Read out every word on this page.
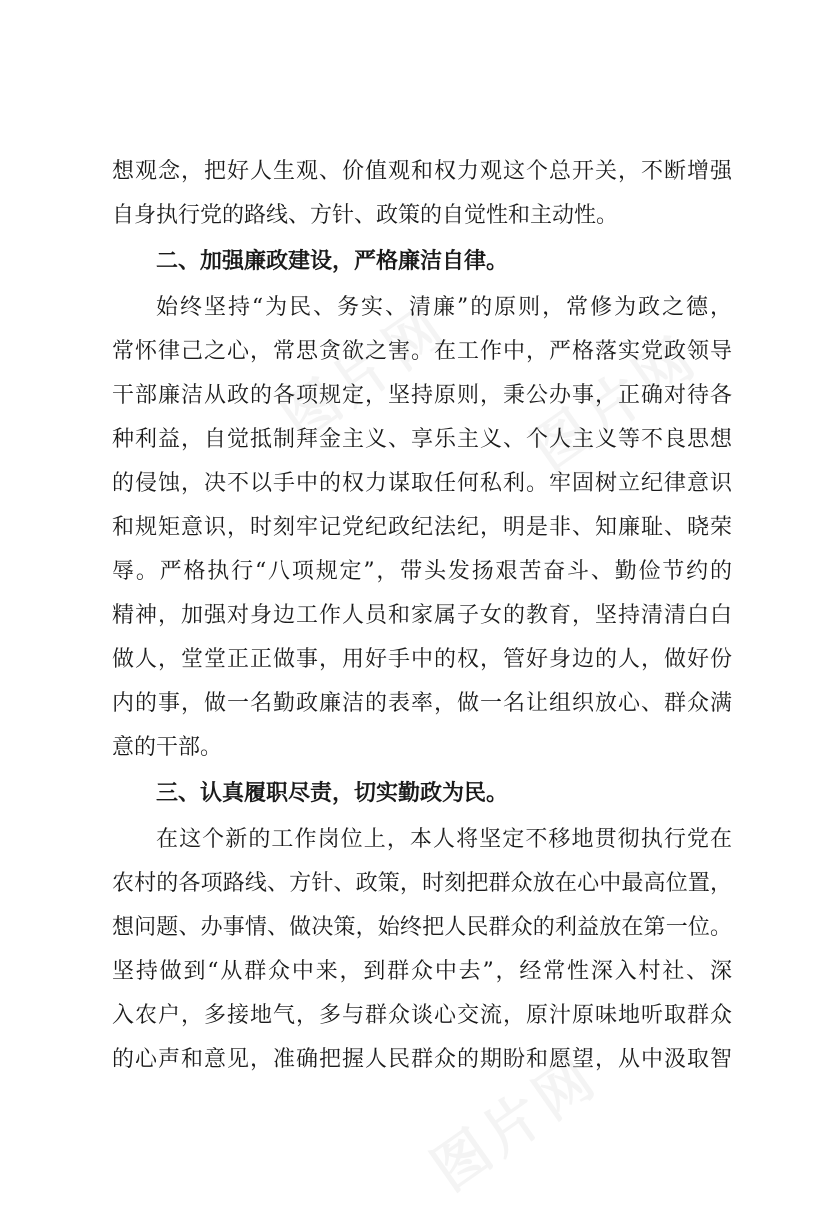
想观念，把好人生观、价值观和权力观这个总开关，不断增强
自身执行党的路线、方针、政策的自觉性和主动性。
二、加强廉政建设，严格廉洁自律。
始终坚持“为民、务实、清廉”的原则，常修为政之德，
常怀律己之心，常思贪欲之害。在工作中，严格落实党政领导
干部廉洁从政的各项规定，坚持原则，秉公办事，正确对待各
种利益，自觉抵制拜金主义、享乐主义、个人主义等不良思想
的侵蚀，决不以手中的权力谋取任何私利。牢固树立纪律意识
和规矩意识，时刻牢记党纪政纪法纪，明是非、知廉耻、晓荣
辱。严格执行“八项规定”，带头发扬艰苦奋斗、勤俭节约的
精神，加强对身边工作人员和家属子女的教育，坚持清清白白
做人，堂堂正正做事，用好手中的权，管好身边的人，做好份
内的事，做一名勤政廉洁的表率，做一名让组织放心、群众满
意的干部。
三、认真履职尽责，切实勤政为民。
在这个新的工作岗位上，本人将坚定不移地贯彻执行党在
农村的各项路线、方针、政策，时刻把群众放在心中最高位置，
想问题、办事情、做决策，始终把人民群众的利益放在第一位。
坚持做到“从群众中来，到群众中去”，经常性深入村社、深
入农户，多接地气，多与群众谈心交流，原汁原味地听取群众
的心声和意见，准确把握人民群众的期盼和愿望，从中汲取智
